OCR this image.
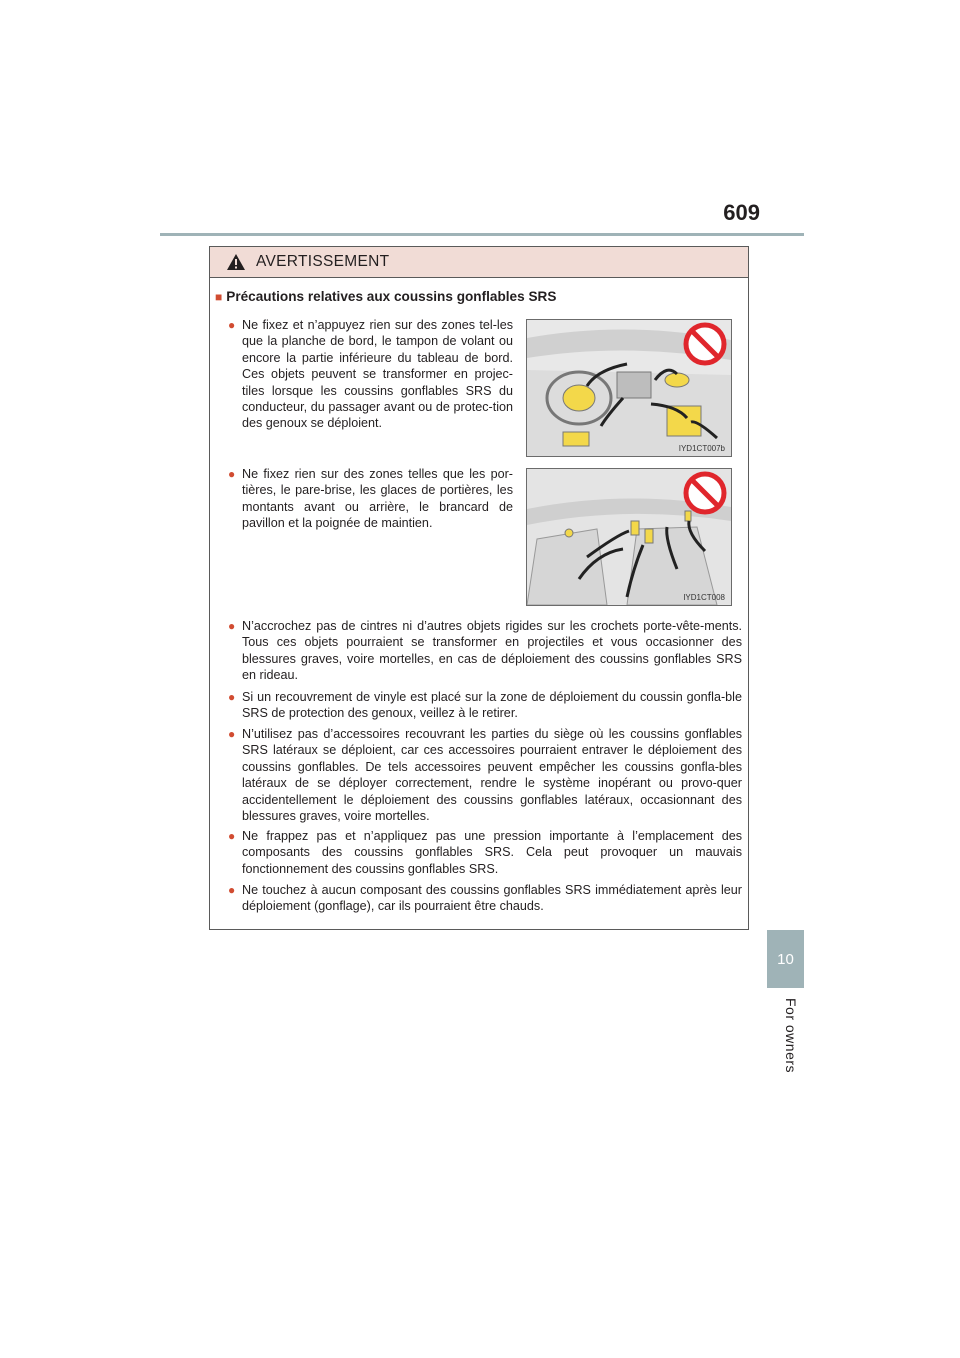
609
10
For owners
AVERTISSEMENT
■ Précautions relatives aux coussins gonflables SRS
● Ne fixez et n’appuyez rien sur des zones tel-les que la planche de bord, le tampon de volant ou encore la partie inférieure du tableau de bord. Ces objets peuvent se transformer en projec-tiles lorsque les coussins gonflables SRS du conducteur, du passager avant ou de protec-tion des genoux se déploient.
IYD1CT007b
● Ne fixez rien sur des zones telles que les por-tières, le pare-brise, les glaces de portières, les montants avant ou arrière, le brancard de pavillon et la poignée de maintien.
IYD1CT008
● N’accrochez pas de cintres ni d’autres objets rigides sur les crochets porte-vête-ments. Tous ces objets pourraient se transformer en projectiles et vous occasionner des blessures graves, voire mortelles, en cas de déploiement des coussins gonflables SRS en rideau.
● Si un recouvrement de vinyle est placé sur la zone de déploiement du coussin gonfla-ble SRS de protection des genoux, veillez à le retirer.
● N’utilisez pas d’accessoires recouvrant les parties du siège où les coussins gonflables SRS latéraux se déploient, car ces accessoires pourraient entraver le déploiement des coussins gonflables. De tels accessoires peuvent empêcher les coussins gonfla-bles latéraux de se déployer correctement, rendre le système inopérant ou provo-quer accidentellement le déploiement des coussins gonflables latéraux, occasionnant des blessures graves, voire mortelles.
● Ne frappez pas et n’appliquez pas une pression importante à l’emplacement des composants des coussins gonflables SRS. Cela peut provoquer un mauvais fonctionnement des coussins gonflables SRS.
● Ne touchez à aucun composant des coussins gonflables SRS immédiatement après leur déploiement (gonflage), car ils pourraient être chauds.
